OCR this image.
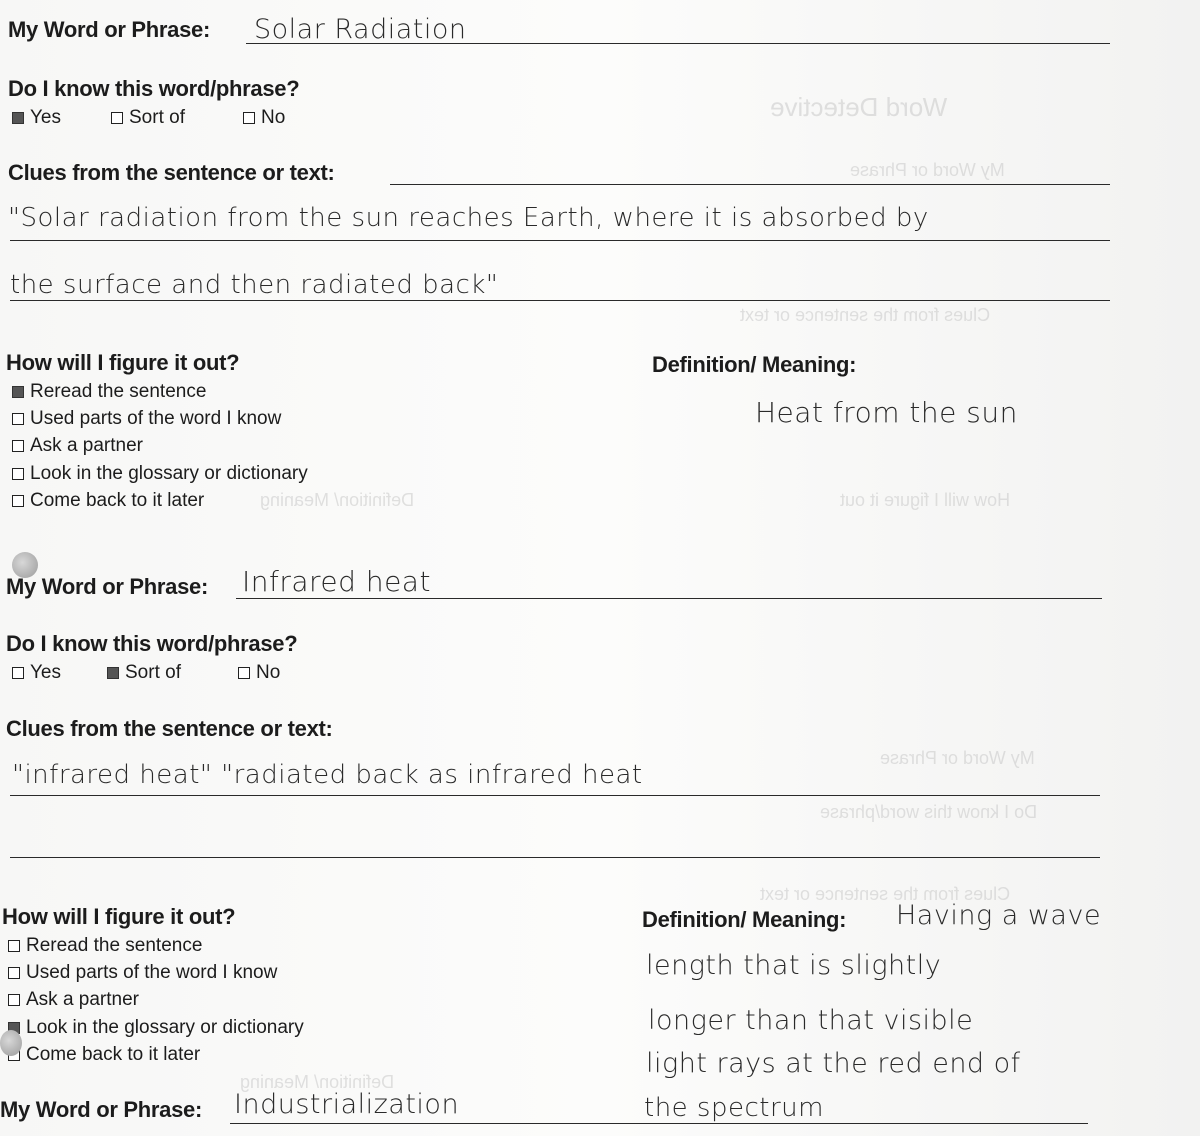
Word Detective
My Word or Phrase
Clues from the sentence or text
How will I figure it out
Definition/ Meaning
My Word or Phrase
Do I know this word/phrase
Clues from the sentence or text
Definition/ Meaning
My Word or Phrase: Solar Radiation
Do I know this word/phrase?
Yes	Sort of	No
Clues from the sentence or text:
"Solar radiation from the sun reaches Earth, where it is absorbed by
the surface and then radiated back"
How will I figure it out?
Reread the sentence
Used parts of the word I know
Ask a partner
Look in the glossary or dictionary
Come back to it later
Definition/ Meaning:
Heat from the sun
My Word or Phrase: Infrared heat
Do I know this word/phrase?
Yes	Sort of	No
Clues from the sentence or text:
"infrared heat" "radiated back as infrared heat
How will I figure it out?
Reread the sentence
Used parts of the word I know
Ask a partner
Look in the glossary or dictionary
Come back to it later
Definition/ Meaning: Having a wave
length that is slightly
longer than that visible
light rays at the red end of
the spectrum
My Word or Phrase: Industrialization
